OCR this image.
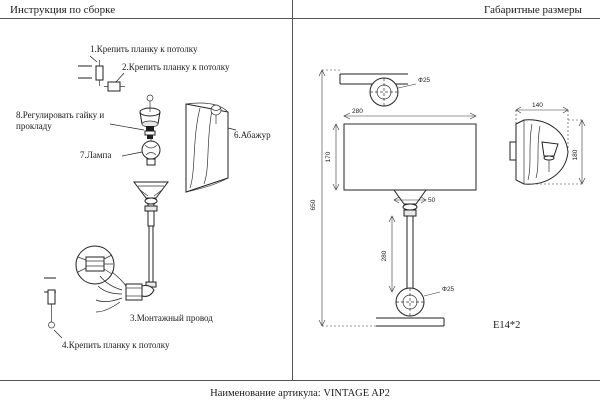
Инструкция по сборке	Габаритные размеры
Наименование артикула: VINTAGE AP2
E14*2
1.Крепить планку к потолку
2.Крепить планку к потолку
8.Регулировать гайку и прокладу
7.Лампа
6.Абажур
3.Монтажный провод
4.Крепить планку к потолку
650
170
280
Ф25
50
280
Ф25
140
180
